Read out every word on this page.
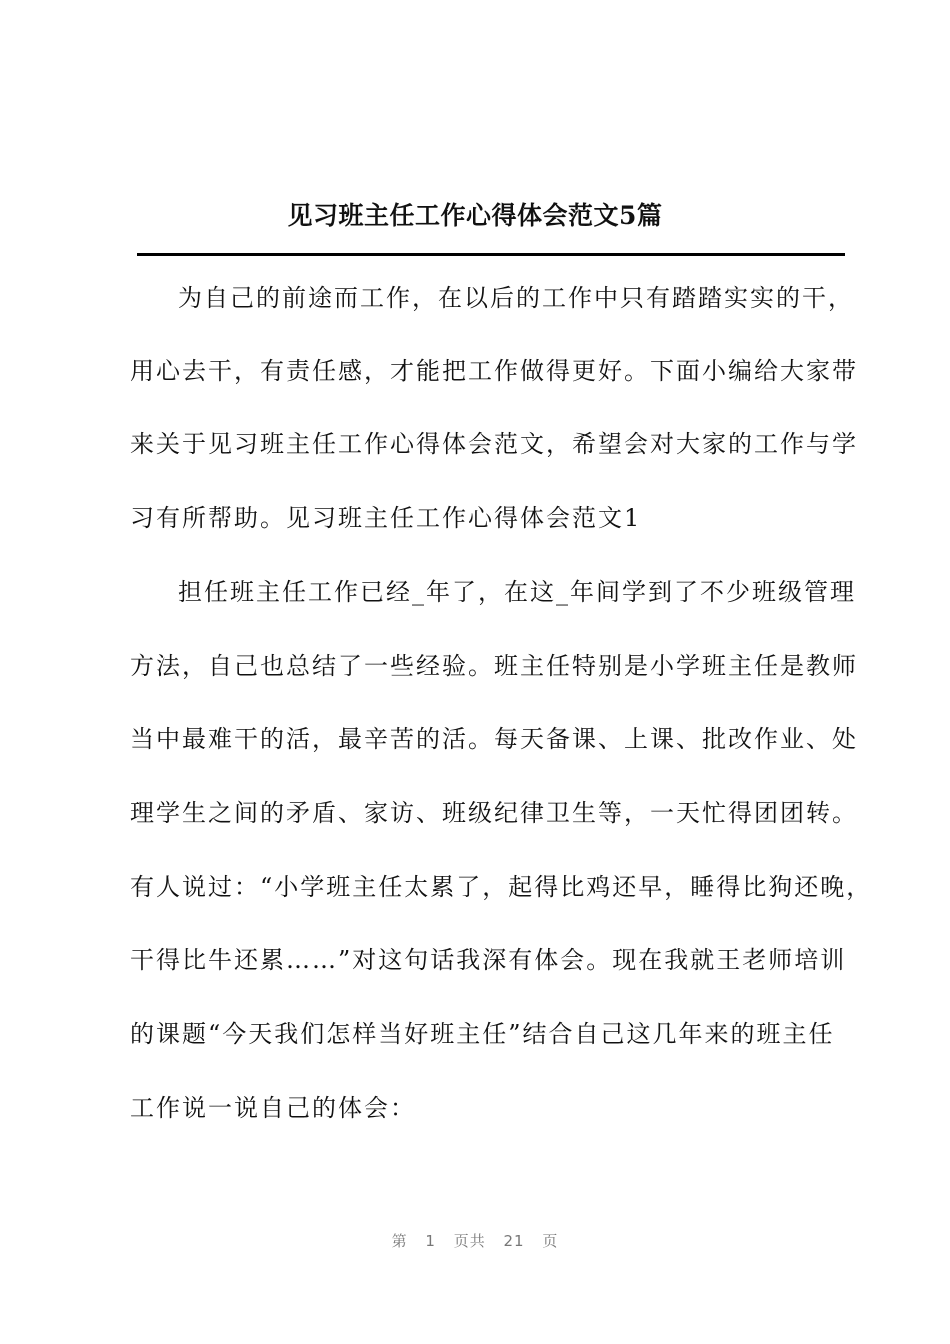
见习班主任工作心得体会范文5篇
为自己的前途而工作，在以后的工作中只有踏踏实实的干，
用心去干，有责任感，才能把工作做得更好。下面小编给大家带
来关于见习班主任工作心得体会范文，希望会对大家的工作与学
习有所帮助。见习班主任工作心得体会范文1
担任班主任工作已经_年了，在这_年间学到了不少班级管理
方法，自己也总结了一些经验。班主任特别是小学班主任是教师
当中最难干的活，最辛苦的活。每天备课、上课、批改作业、处
理学生之间的矛盾、家访、班级纪律卫生等，一天忙得团团转。
有人说过：“小学班主任太累了，起得比鸡还早，睡得比狗还晚，
干得比牛还累……”对这句话我深有体会。现在我就王老师培训
的课题“今天我们怎样当好班主任”结合自己这几年来的班主任
工作说一说自己的体会：
第 1 页共 21 页
